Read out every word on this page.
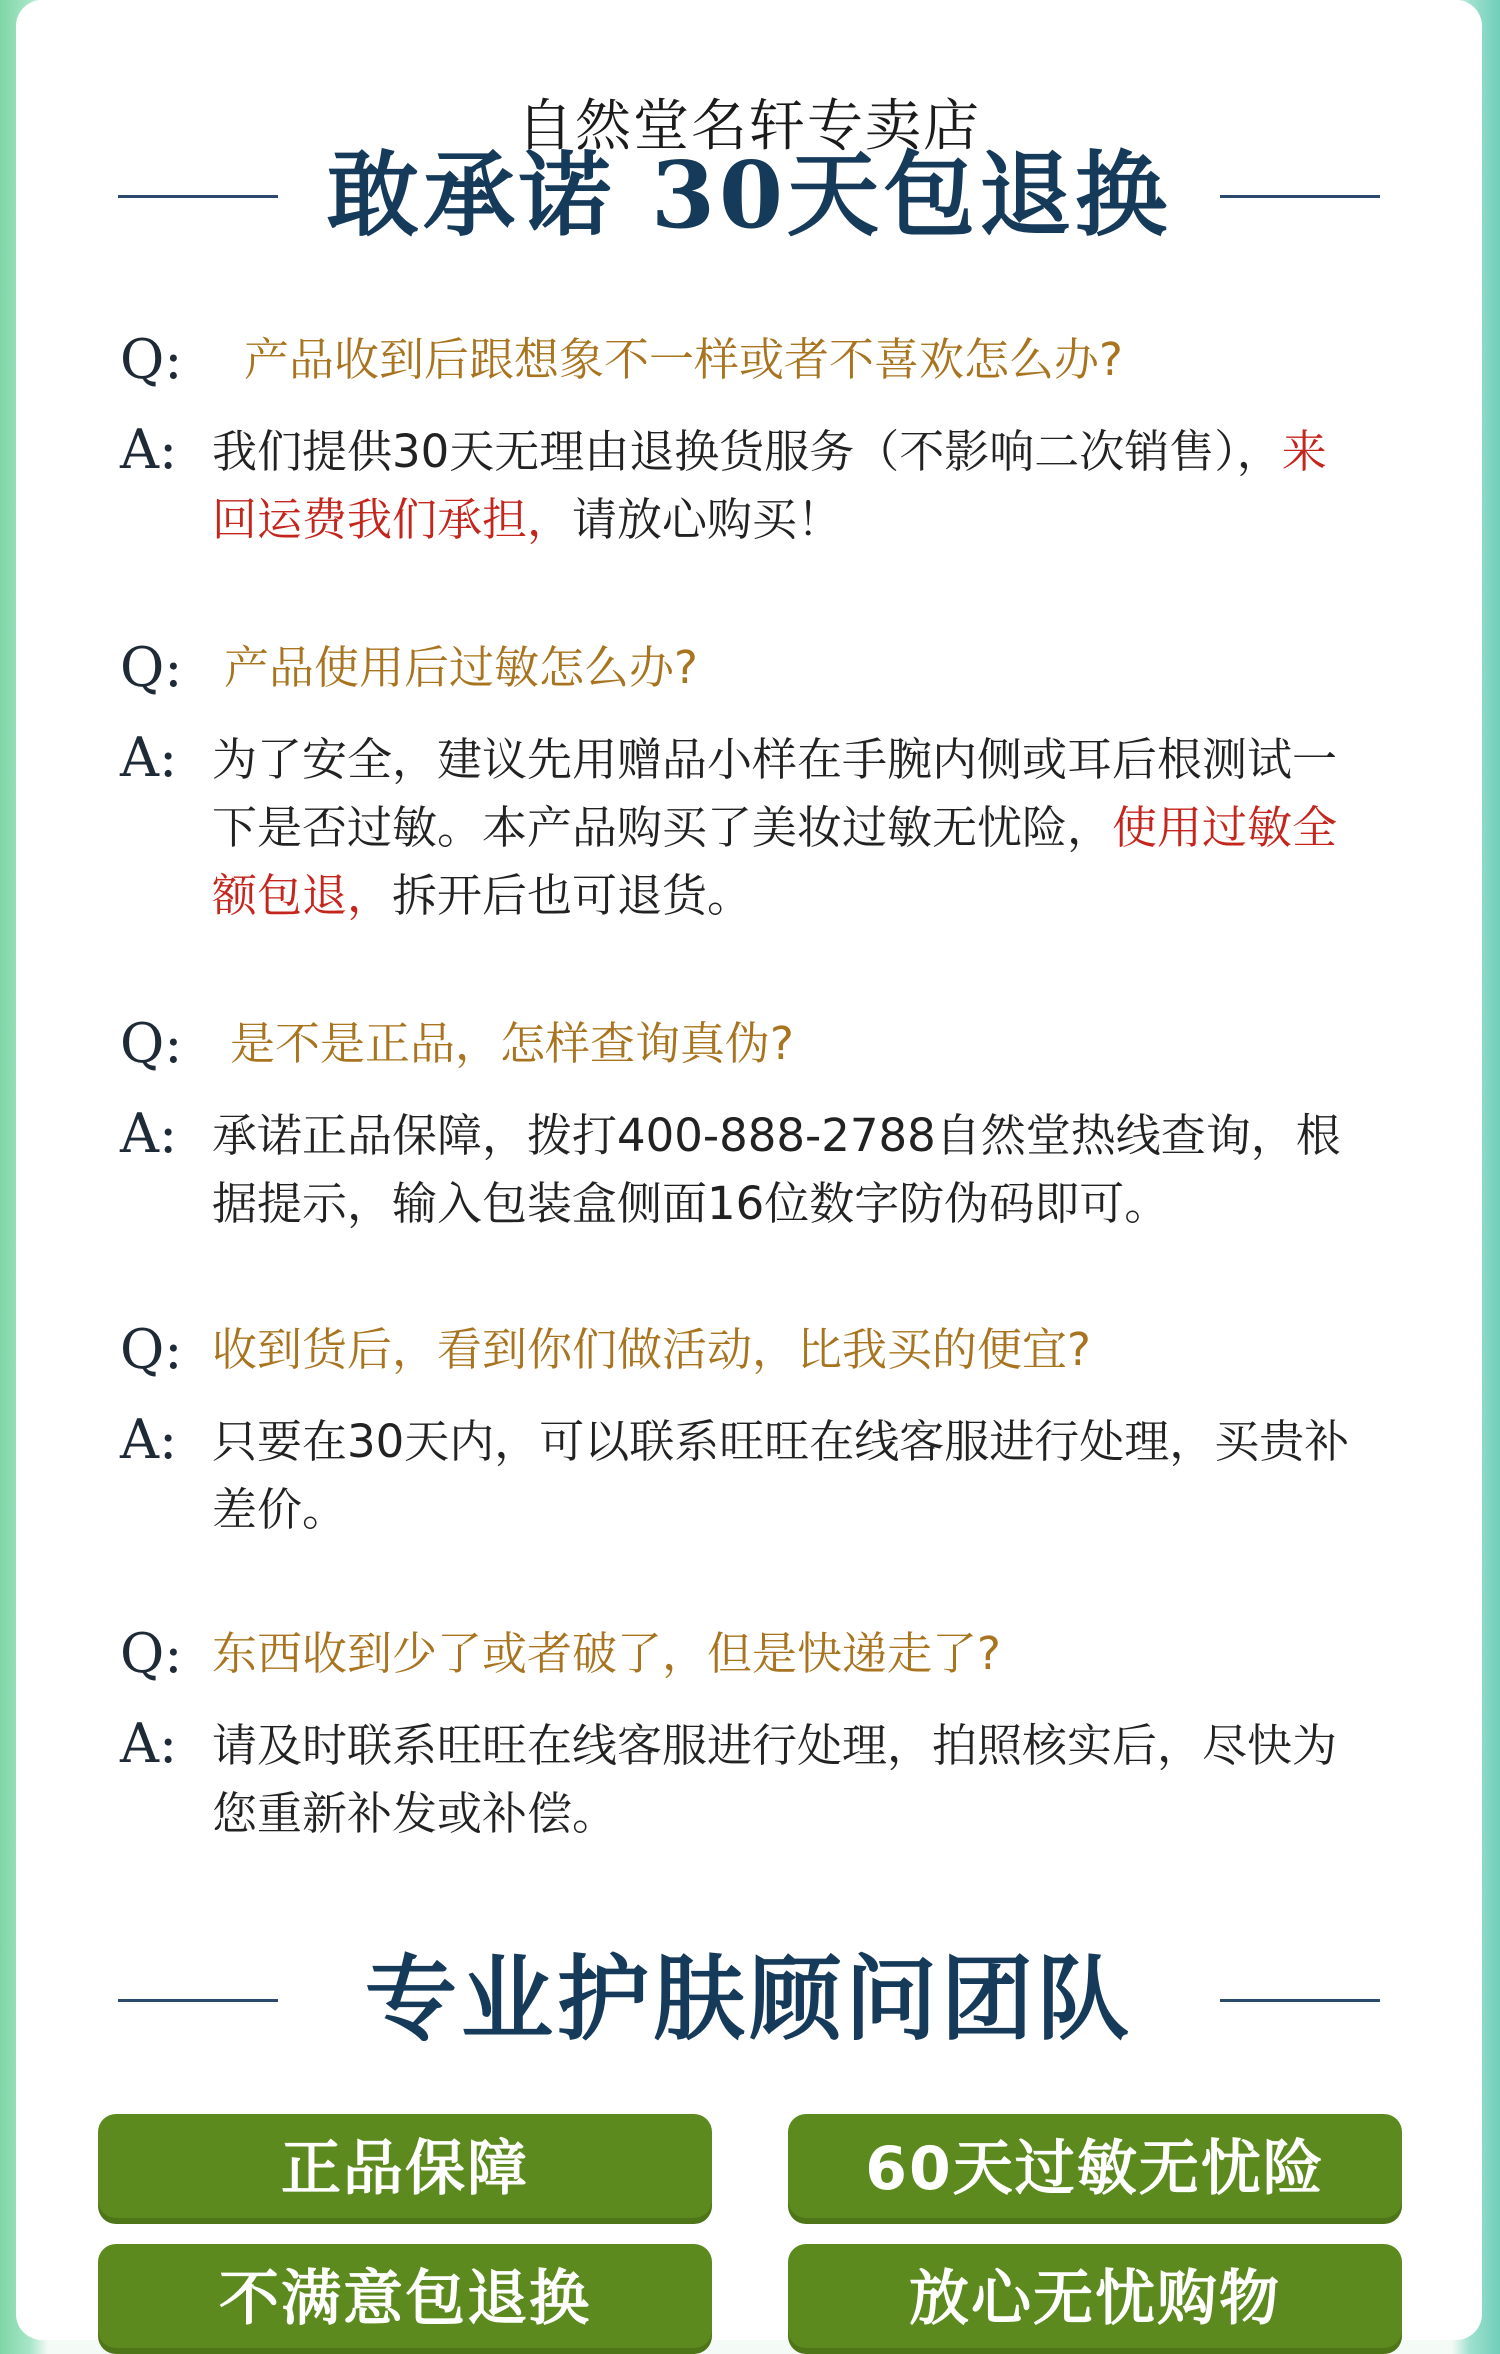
自然堂名轩专卖店
敢承诺 30天包退换
Q:	产品收到后跟想象不一样或者不喜欢怎么办?
A: 我们提供30天无理由退换货服务（不影响二次销售），来回运费我们承担，请放心购买！
Q: 产品使用后过敏怎么办?
A: 为了安全，建议先用赠品小样在手腕内侧或耳后根测试一下是否过敏。本产品购买了美妆过敏无忧险，使用过敏全额包退，拆开后也可退货。
Q:	是不是正品，怎样查询真伪?
A: 承诺正品保障，拨打400-888-2788自然堂热线查询，根据提示，输入包装盒侧面16位数字防伪码即可。
Q: 收到货后，看到你们做活动，比我买的便宜?
A: 只要在30天内，可以联系旺旺在线客服进行处理，买贵补差价。
Q: 东西收到少了或者破了，但是快递走了?
A: 请及时联系旺旺在线客服进行处理，拍照核实后，尽快为您重新补发或补偿。
专业护肤顾问团队
正品保障	60天过敏无忧险
不满意包退换	放心无忧购物
